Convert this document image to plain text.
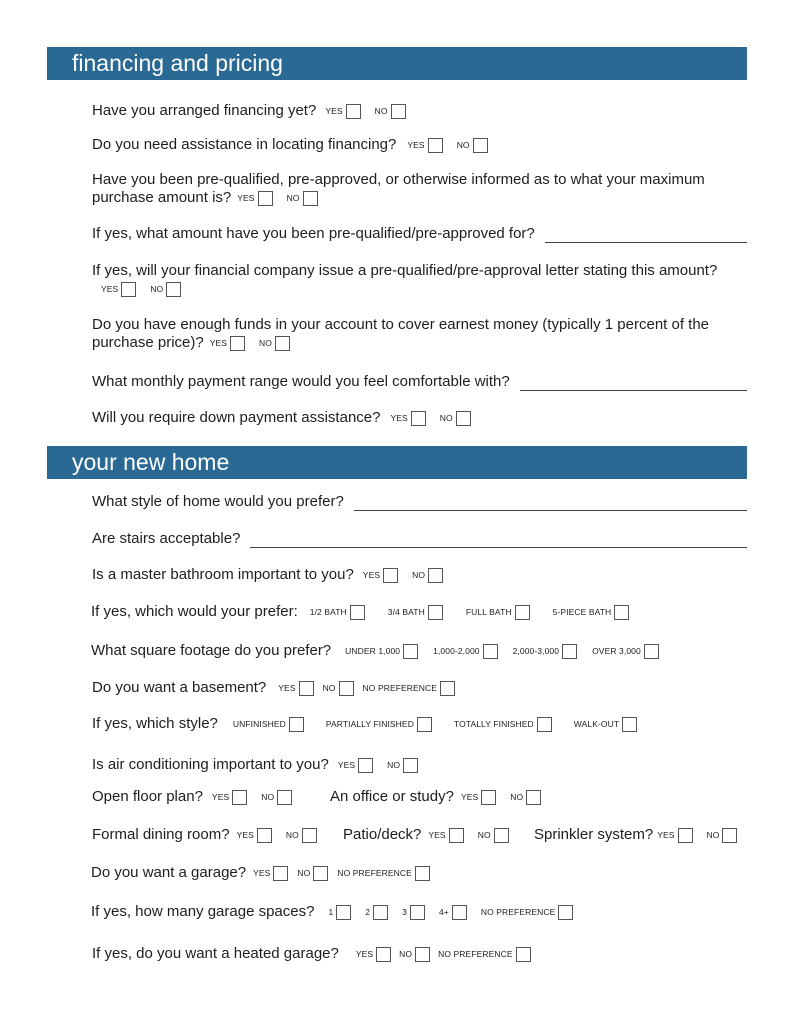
financing and pricing
Have you arranged financing yet? YES	NO
Do you need assistance in locating financing? YES	NO
Have you been pre-qualified, pre-approved, or otherwise informed as to what your maximum purchase amount is? YES	NO
If yes, what amount have you been pre-qualified/pre-approved for?
If yes, will your financial company issue a pre-qualified/pre-approval letter stating this amount?YES	NO
Do you have enough funds in your account to cover earnest money (typically 1 percent of the purchase price)? YES	NO
What monthly payment range would you feel comfortable with?
Will you require down payment assistance? YES	NO
your new home
What style of home would you prefer?
Are stairs acceptable?
Is a master bathroom important to you? YES	NO
If yes, which would your prefer: 1/2 BATH	3/4 BATH	FULL BATH	5-PIECE BATH
What square footage do you prefer? UNDER 1,000	1,000-2,000	2,000-3,000	OVER 3,000
Do you want a basement? YES	NO	NO PREFERENCE
If yes, which style? UNFINISHED	PARTIALLY FINISHED	TOTALLY FINISHED	WALK-OUT
Is air conditioning important to you? YES	NO
Open floor plan? YES	NO	An office or study? YES	NO
Formal dining room? YES	NO	Patio/deck? YES	NO	Sprinkler system? YES	NO
Do you want a garage? YES	NO	NO PREFERENCE
If yes, how many garage spaces? 1	2	3	4+	NO PREFERENCE
If yes, do you want a heated garage? YES	NO	NO PREFERENCE
